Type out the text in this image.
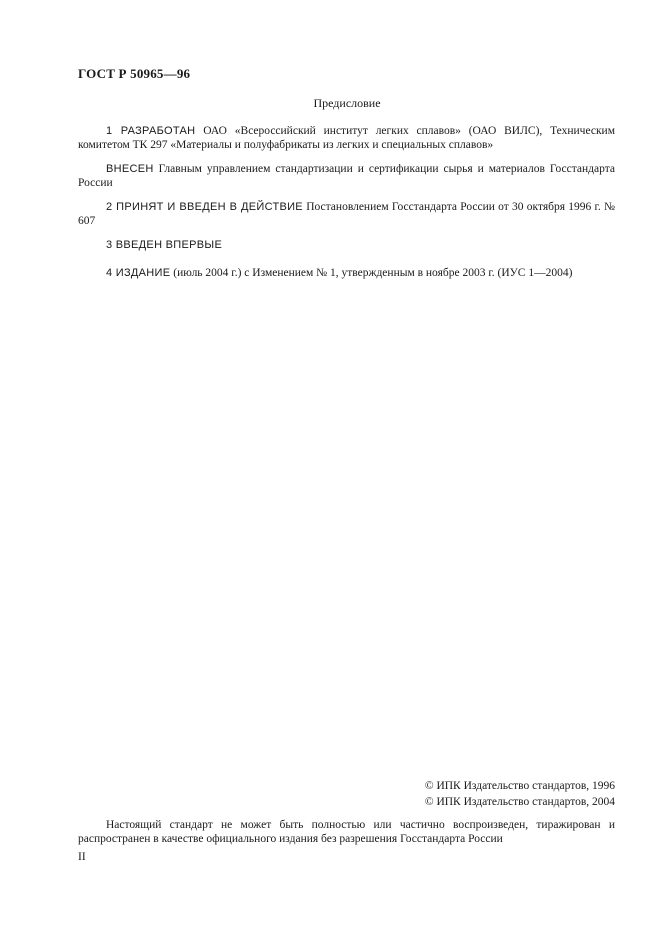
ГОСТ Р 50965—96
Предисловие
1 РАЗРАБОТАН ОАО «Всероссийский институт легких сплавов» (ОАО ВИЛС), Техническим комитетом ТК 297 «Материалы и полуфабрикаты из легких и специальных сплавов»
ВНЕСЕН Главным управлением стандартизации и сертификации сырья и материалов Госстандарта России
2 ПРИНЯТ И ВВЕДЕН В ДЕЙСТВИЕ Постановлением Госстандарта России от 30 октября 1996 г. № 607
3 ВВЕДЕН ВПЕРВЫЕ
4 ИЗДАНИЕ (июль 2004 г.) с Изменением № 1, утвержденным в ноябре 2003 г. (ИУС 1—2004)
© ИПК Издательство стандартов, 1996
© ИПК Издательство стандартов, 2004
Настоящий стандарт не может быть полностью или частично воспроизведен, тиражирован и распространен в качестве официального издания без разрешения Госстандарта России
II
